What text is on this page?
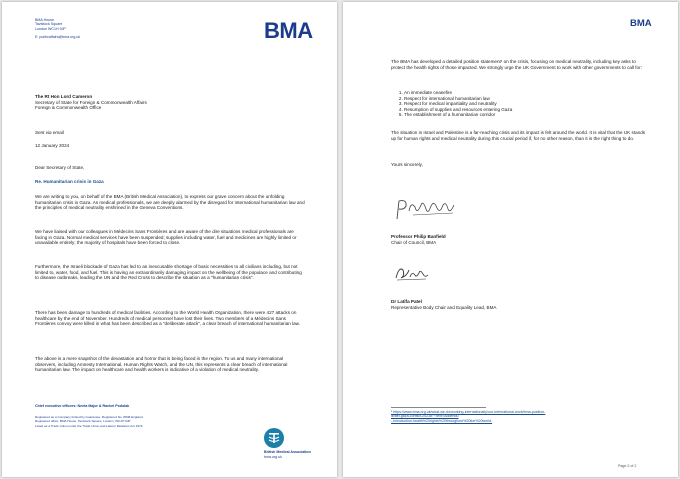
BMA House
Tavistock Square
London WC1H 9JP
E: publicaffairs@bma.org.uk	BMA
The Rt Hon Lord Cameron
Secretary of State for Foreign & Commonwealth Affairs
Foreign & Commonwealth Office
Sent via email
12 January 2024
Dear Secretary of State,
Re. Humanitarian crisis in Gaza
We are writing to you, on behalf of the BMA (British Medical Association), to express our grave concern about the unfolding humanitarian crisis in Gaza. As medical professionals, we are deeply alarmed by the disregard for international humanitarian law and the principles of medical neutrality enshrined in the Geneva Conventions.
We have liaised with our colleagues in Médecins Sans Frontières and are aware of the dire situations medical professionals are facing in Gaza. Normal medical services have been suspended; supplies including water, fuel and medicines are highly limited or unavailable entirely; the majority of hospitals have been forced to close.
Furthermore, the Israeli blockade of Gaza has led to an inexcusable shortage of basic necessities to all civilians including, but not limited to, water, food, and fuel. This is having an extraordinarily damaging impact on the wellbeing of the populace and contributing to disease outbreaks, leading the UN and the Red Cross to describe the situation as a "humanitarian crisis".
There has been damage to hundreds of medical facilities. According to the World Health Organization, there were 427 attacks on healthcare by the end of November. Hundreds of medical personnel have lost their lives. Two members of a Médecins Sans Frontières convoy were killed in what has been described as a "deliberate attack", a clear breach of international humanitarian law.
The above is a mere snapshot of the devastation and horror that is being faced in the region. To us and many international observers, including Amnesty International, Human Rights Watch, and the UN, this represents a clear breach of international humanitarian law. The impact on healthcare and health workers is indicative of a violation of medical neutrality.
Chief executive officers: Neeta Major & Rachel Podolak
Registered as a Company limited by Guarantee. Registered No. 8848 England.
Registered office: BMA House, Tavistock Square, London, WC1H 9JP.
Listed as a Trade Union under the Trade Union and Labour Relations Act 1974.
British Medical Association
bma.org.uk
BMA
The BMA has developed a detailed position statement¹ on the crisis, focusing on medical neutrality, including key asks to protect the health rights of those impacted. We strongly urge the UK Government to work with other governments to call for:
1. An immediate ceasefire
2. Respect for international humanitarian law
3. Respect for medical impartiality and neutrality
4. Resumption of supplies and resources entering Gaza
5. The establishment of a humanitarian corridor
The situation in Israel and Palestine is a far-reaching crisis and its impact is felt around the world. It is vital that the UK stands up for human rights and medical neutrality during this crucial period if, for no other reason, than it is the right thing to do.
Yours sincerely,
Professor Philip Banfield
Chair of Council, BMA
Dr Latifa Patel
Representative Body Chair and Equality Lead, BMA
¹ https://www.bma.org.uk/what-we-do/working-internationally/our-international-work/bma-position-
israel-gaza-conflict-2023#:~:text=Addendu
-,Introduction,health%20rights%20throughout%20the%20world.
Page 2 of 2
